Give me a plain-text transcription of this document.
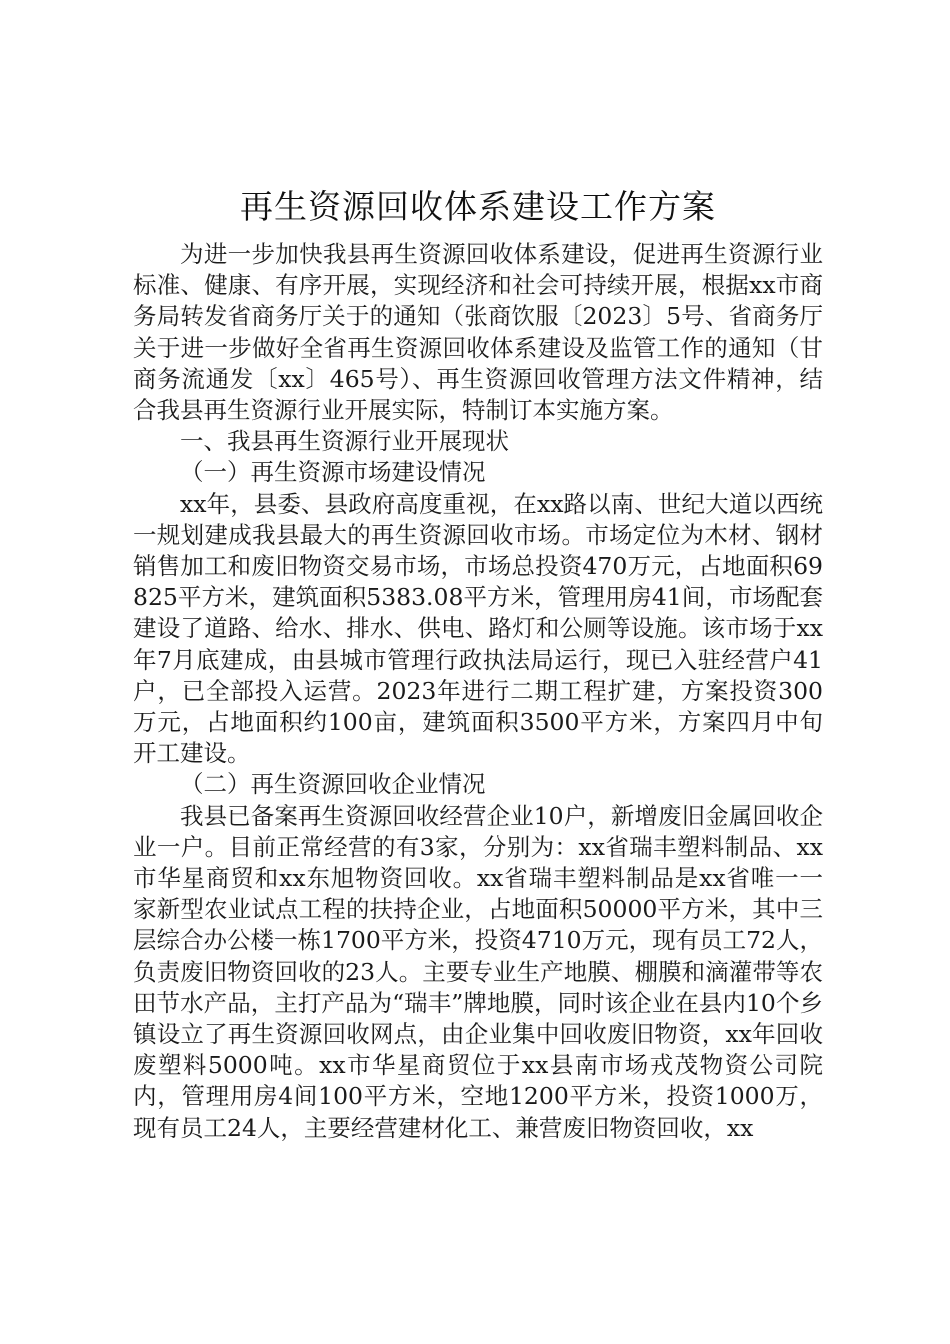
再生资源回收体系建设工作方案

为进一步加快我县再生资源回收体系建设，促进再生资源行业标准、健康、有序开展，实现经济和社会可持续开展，根据xx市商务局转发省商务厅关于的通知（张商饮服〔2023〕5号、省商务厅关于进一步做好全省再生资源回收体系建设及监管工作的通知（甘商务流通发〔xx〕465号）、再生资源回收管理方法文件精神，结合我县再生资源行业开展实际，特制订本实施方案。

一、我县再生资源行业开展现状

（一）再生资源市场建设情况

xx年，县委、县政府高度重视，在xx路以南、世纪大道以西统一规划建成我县最大的再生资源回收市场。市场定位为木材、钢材销售加工和废旧物资交易市场，市场总投资470万元，占地面积69825平方米，建筑面积5383.08平方米，管理用房41间，市场配套建设了道路、给水、排水、供电、路灯和公厕等设施。该市场于xx年7月底建成，由县城市管理行政执法局运行，现已入驻经营户41户，已全部投入运营。2023年进行二期工程扩建，方案投资300万元，占地面积约100亩，建筑面积3500平方米，方案四月中旬开工建设。

（二）再生资源回收企业情况

我县已备案再生资源回收经营企业10户，新增废旧金属回收企业一户。目前正常经营的有3家，分别为：xx省瑞丰塑料制品、xx市华星商贸和xx东旭物资回收。xx省瑞丰塑料制品是xx省唯一一家新型农业试点工程的扶持企业，占地面积50000平方米，其中三层综合办公楼一栋1700平方米，投资4710万元，现有员工72人，负责废旧物资回收的23人。主要专业生产地膜、棚膜和滴灌带等农田节水产品，主打产品为“瑞丰”牌地膜，同时该企业在县内10个乡镇设立了再生资源回收网点，由企业集中回收废旧物资，xx年回收废塑料5000吨。xx市华星商贸位于xx县南市场戎茂物资公司院内，管理用房4间100平方米，空地1200平方米，投资1000万，现有员工24人，主要经营建材化工、兼营废旧物资回收，xx
